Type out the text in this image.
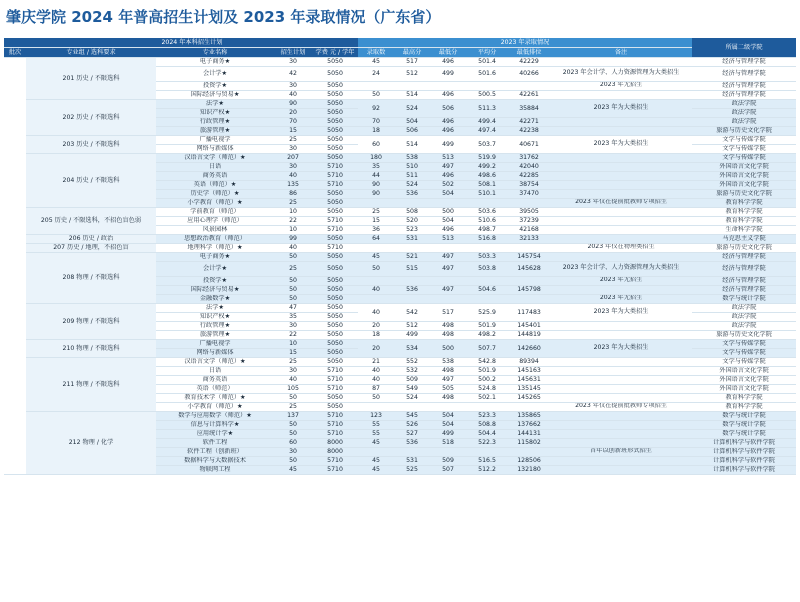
肇庆学院 2024 年普高招生计划及 2023 年录取情况（广东省）
	2024 年本科招生计划				2023 年录取情况						所属二级学院
批次	专业组 / 选科要求	专业名称	招生计划	学费 元 / 学年	录取数	最高分	最低分	平均分	最低排位	备注	
本科批	201 历史 / 不限选科	电子商务★	30	5050	45	517	496	501.4	42229		经济与管理学院
		会计学★	42	5050	24	512	499	501.6	40266	2023 年会计学、人力资源管理为大类招生	经济与管理学院
		投资学★	30	5050						2023 年无招生	经济与管理学院
		国际经济与贸易★	40	5050	50	514	496	500.5	42261		经济与管理学院
	202 历史 / 不限选科	法学★	90	5050	92	524	506	511.3	35884	2023 年为大类招生	政法学院
		知识产权★	20	5050							政法学院
		行政管理★	70	5050	70	504	496	499.4	42271		政法学院
		旅游管理★	15	5050	18	506	496	497.4	42238		旅游与历史文化学院
	203 历史 / 不限选科	广播电视学	25	5050	60	514	499	503.7	40671	2023 年为大类招生	文学与传媒学院
		网络与新媒体	30	5050							文学与传媒学院
	204 历史 / 不限选科	汉语言文学（师范）★	207	5050	180	538	513	519.9	31762		文学与传媒学院
		日语	30	5710	35	510	497	499.2	42040		外国语言文化学院
		商务英语	40	5710	44	511	496	498.6	42285		外国语言文化学院
		英语（师范）★	135	5710	90	524	502	508.1	38754		外国语言文化学院
		历史学（师范）★	86	5050	90	536	504	510.1	37470		旅游与历史文化学院
		小学教育（师范）★	25	5050						2023 年仅在提前批教师专项招生	教育科学学院
	205 历史 / 不限选科，不招色盲色弱	学前教育（师范）	10	5050	25	508	500	503.6	39505		教育科学学院
		应用心理学（师范）	22	5710	15	520	504	510.6	37239		教育科学学院
		风景园林	10	5710	36	523	496	498.7	42168		生命科学学院
	206 历史 / 政治	思想政治教育（师范）	99	5050	64	531	513	516.8	32133		马克思主义学院
	207 历史 / 地理，不招色盲	地理科学（师范）★	40	5710						2023 年仅在物理类招生	旅游与历史文化学院
	208 物理 / 不限选科	电子商务★	50	5050	45	521	497	503.3	145754		经济与管理学院
		会计学★	25	5050	50	515	497	503.8	145628	2023 年会计学、人力资源管理为大类招生	经济与管理学院
		投资学★	50	5050						2023 年无招生	经济与管理学院
		国际经济与贸易★	50	5050	40	536	497	504.6	145798		经济与管理学院
		金融数学★	50	5050						2023 年无招生	数学与统计学院
	209 物理 / 不限选科	法学★	47	5050	40	542	517	525.9	117483	2023 年为大类招生	政法学院
		知识产权★	35	5050							政法学院
		行政管理★	30	5050	20	512	498	501.9	145401		政法学院
		旅游管理★	22	5050	18	499	498	498.2	144819		旅游与历史文化学院
	210 物理 / 不限选科	广播电视学	10	5050	20	534	500	507.7	142660	2023 年为大类招生	文学与传媒学院
		网络与新媒体	15	5050							文学与传媒学院
	211 物理 / 不限选科	汉语言文学（师范）★	25	5050	21	552	538	542.8	89394		文学与传媒学院
		日语	30	5710	40	532	498	501.9	145163		外国语言文化学院
		商务英语	40	5710	40	509	497	500.2	145631		外国语言文化学院
		英语（师范）	105	5710	87	549	505	524.8	135145		外国语言文化学院
		教育技术学（师范）★	50	5050	50	524	498	502.1	145265		教育科学学院
		小学教育（师范）★	25	5050						2023 年仅在提前批教师专项招生	教育科学学院
	212 物理 / 化学	数学与应用数学（师范）★	137	5710	123	545	504	523.3	135865		数学与统计学院
		信息与计算科学★	50	5710	55	526	504	508.8	137662		数学与统计学院
		应用统计学★	50	5710	55	527	499	504.4	144131		数学与统计学院
		软件工程	60	8000	45	536	518	522.3	115802		计算机科学与软件学院
		软件工程（创新班）	30	8000						首年以创新班形式招生	计算机科学与软件学院
		数据科学与大数据技术	50	5710	45	531	509	516.5	128506		计算机科学与软件学院
		物联网工程	45	5710	45	525	507	512.2	132180		计算机科学与软件学院
